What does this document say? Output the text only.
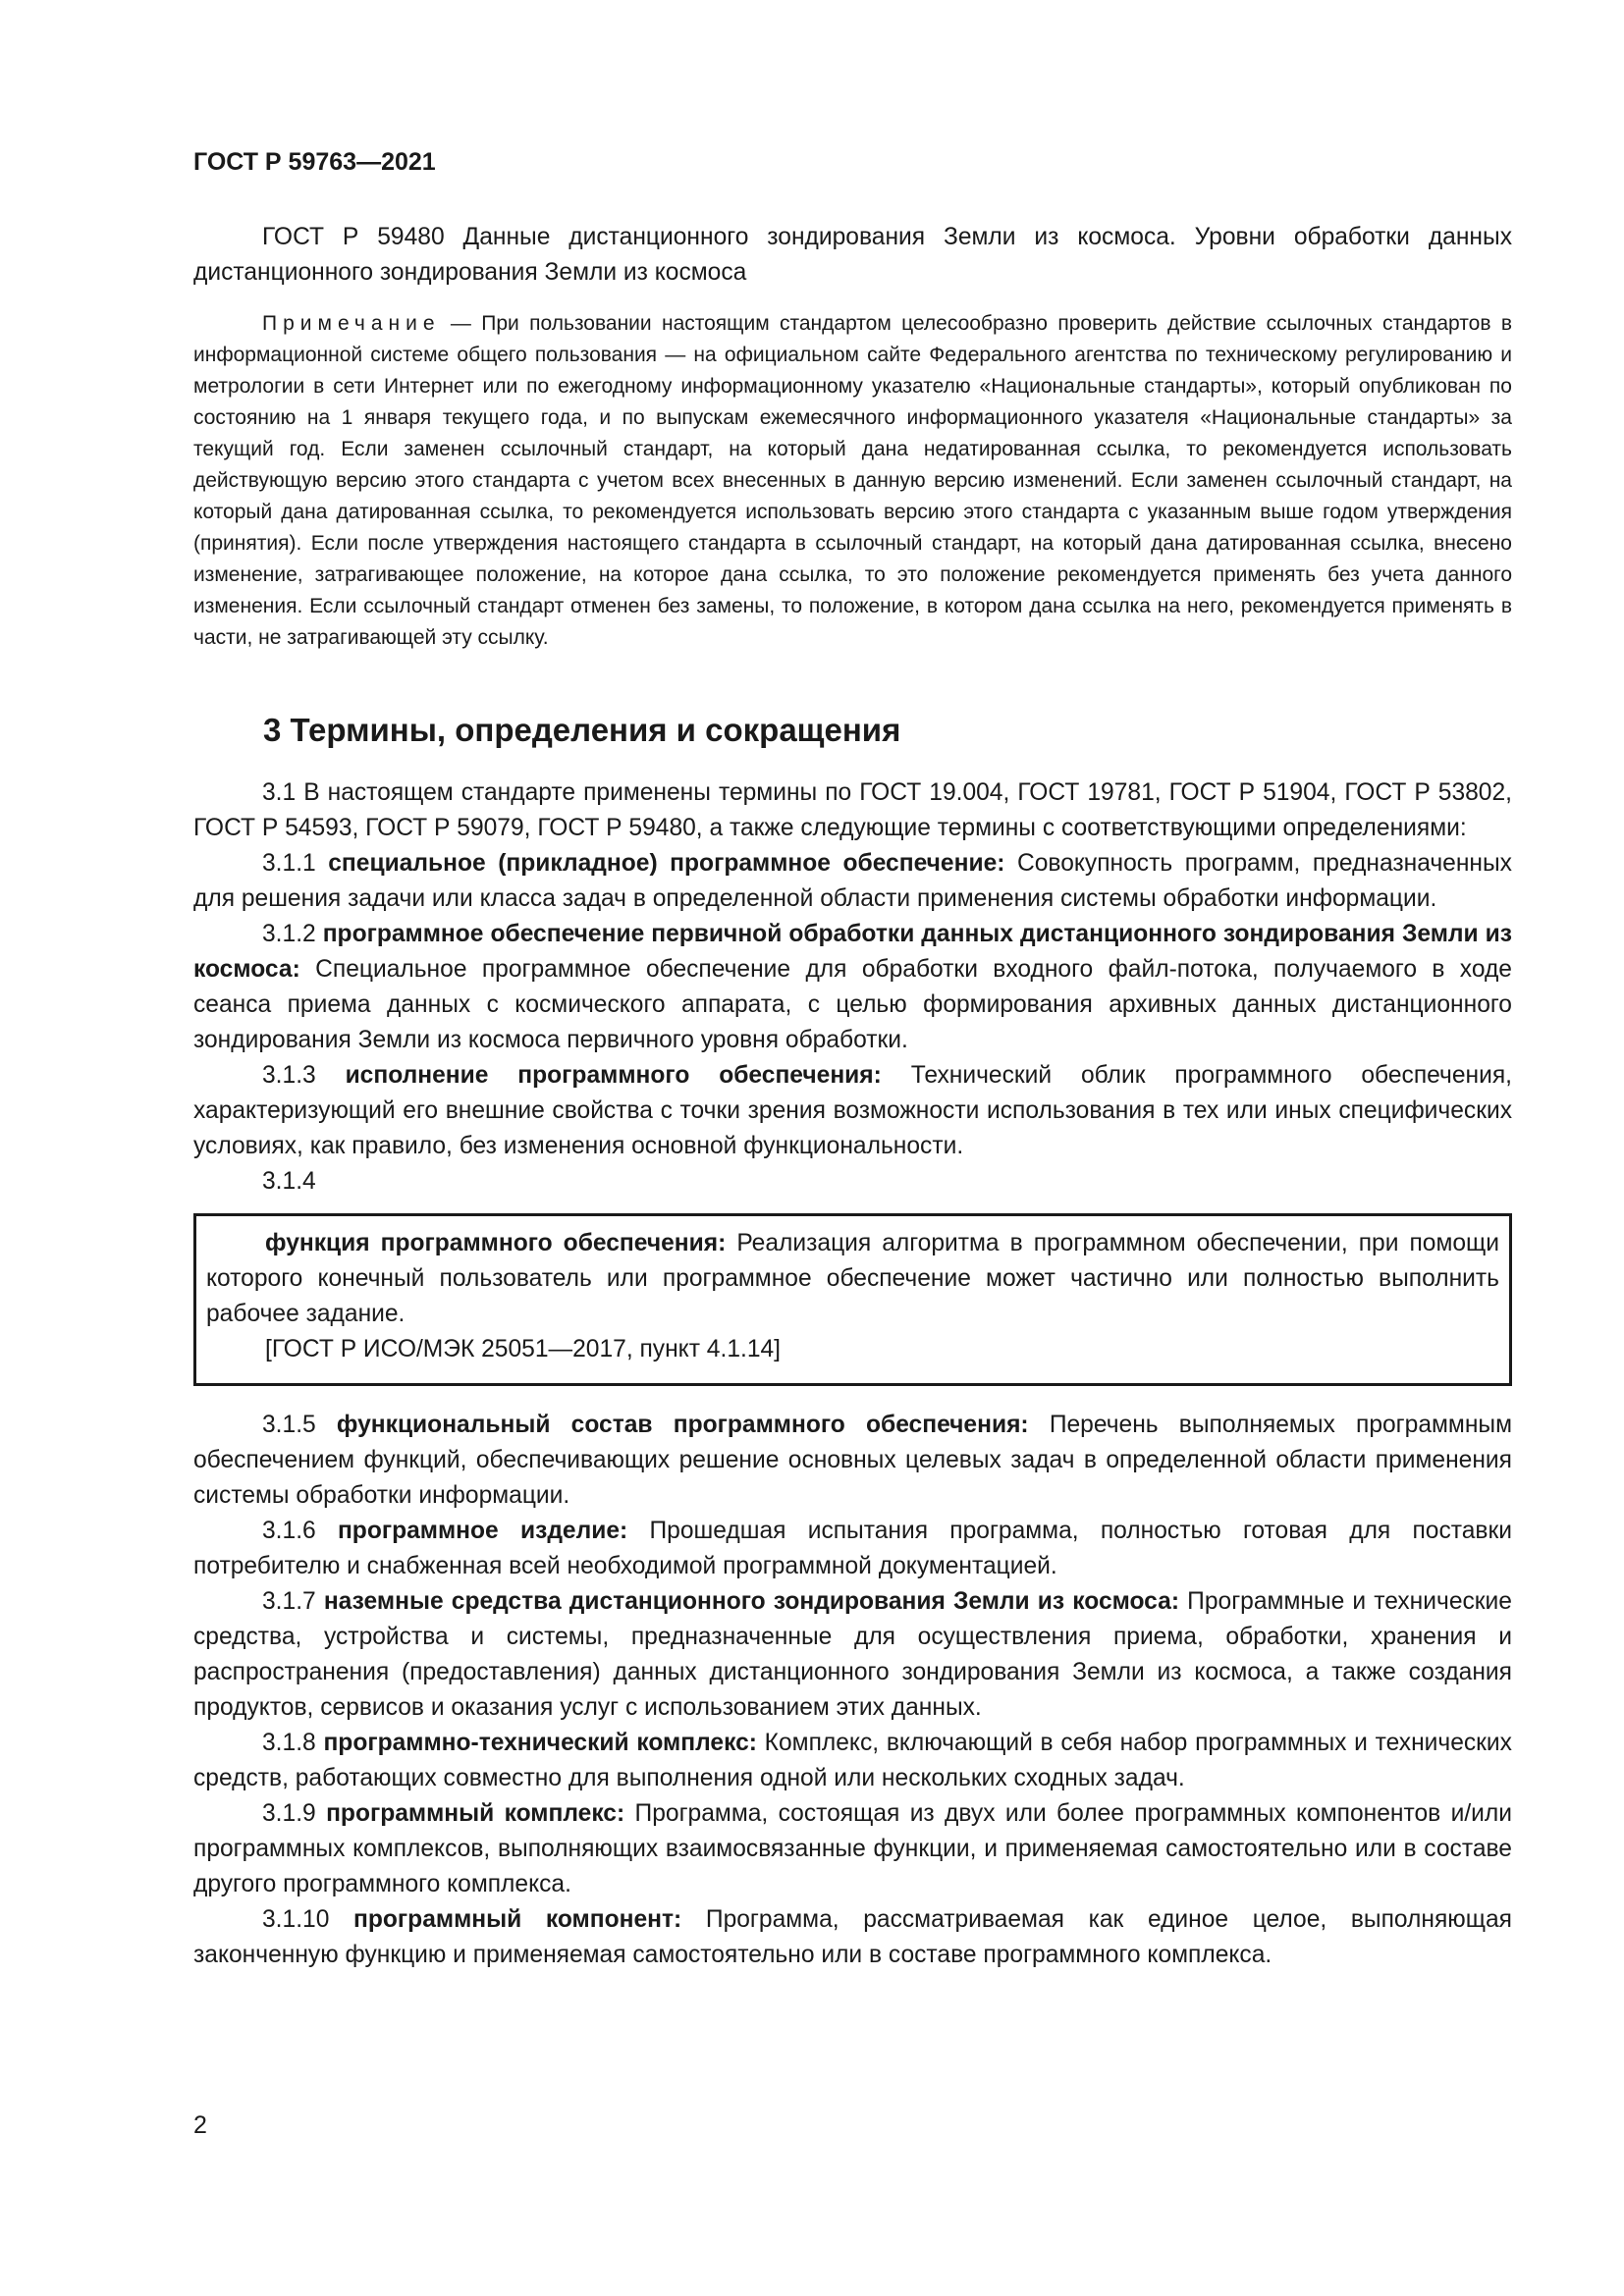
ГОСТ Р 59763—2021

ГОСТ Р 59480 Данные дистанционного зондирования Земли из космоса. Уровни обработки данных дистанционного зондирования Земли из космоса

Примечание — При пользовании настоящим стандартом целесообразно проверить действие ссылочных стандартов в информационной системе общего пользования — на официальном сайте Федерального агентства по техническому регулированию и метрологии в сети Интернет или по ежегодному информационному указателю «Национальные стандарты», который опубликован по состоянию на 1 января текущего года, и по выпускам ежемесячного информационного указателя «Национальные стандарты» за текущий год. Если заменен ссылочный стандарт, на который дана недатированная ссылка, то рекомендуется использовать действующую версию этого стандарта с учетом всех внесенных в данную версию изменений. Если заменен ссылочный стандарт, на который дана датированная ссылка, то рекомендуется использовать версию этого стандарта с указанным выше годом утверждения (принятия). Если после утверждения настоящего стандарта в ссылочный стандарт, на который дана датированная ссылка, внесено изменение, затрагивающее положение, на которое дана ссылка, то это положение рекомендуется применять без учета данного изменения. Если ссылочный стандарт отменен без замены, то положение, в котором дана ссылка на него, рекомендуется применять в части, не затрагивающей эту ссылку.

3 Термины, определения и сокращения

3.1 В настоящем стандарте применены термины по ГОСТ 19.004, ГОСТ 19781, ГОСТ Р 51904, ГОСТ Р 53802, ГОСТ Р 54593, ГОСТ Р 59079, ГОСТ Р 59480, а также следующие термины с соответствующими определениями:

3.1.1 специальное (прикладное) программное обеспечение: Совокупность программ, предназначенных для решения задачи или класса задач в определенной области применения системы обработки информации.

3.1.2 программное обеспечение первичной обработки данных дистанционного зондирования Земли из космоса: Специальное программное обеспечение для обработки входного файл-потока, получаемого в ходе сеанса приема данных с космического аппарата, с целью формирования архивных данных дистанционного зондирования Земли из космоса первичного уровня обработки.

3.1.3 исполнение программного обеспечения: Технический облик программного обеспечения, характеризующий его внешние свойства с точки зрения возможности использования в тех или иных специфических условиях, как правило, без изменения основной функциональности.

3.1.4

функция программного обеспечения: Реализация алгоритма в программном обеспечении, при помощи которого конечный пользователь или программное обеспечение может частично или полностью выполнить рабочее задание.

[ГОСТ Р ИСО/МЭК 25051—2017, пункт 4.1.14]

3.1.5 функциональный состав программного обеспечения: Перечень выполняемых программным обеспечением функций, обеспечивающих решение основных целевых задач в определенной области применения системы обработки информации.

3.1.6 программное изделие: Прошедшая испытания программа, полностью готовая для поставки потребителю и снабженная всей необходимой программной документацией.

3.1.7 наземные средства дистанционного зондирования Земли из космоса: Программные и технические средства, устройства и системы, предназначенные для осуществления приема, обработки, хранения и распространения (предоставления) данных дистанционного зондирования Земли из космоса, а также создания продуктов, сервисов и оказания услуг с использованием этих данных.

3.1.8 программно-технический комплекс: Комплекс, включающий в себя набор программных и технических средств, работающих совместно для выполнения одной или нескольких сходных задач.

3.1.9 программный комплекс: Программа, состоящая из двух или более программных компонентов и/или программных комплексов, выполняющих взаимосвязанные функции, и применяемая самостоятельно или в составе другого программного комплекса.

3.1.10 программный компонент: Программа, рассматриваемая как единое целое, выполняющая законченную функцию и применяемая самостоятельно или в составе программного комплекса.

2
